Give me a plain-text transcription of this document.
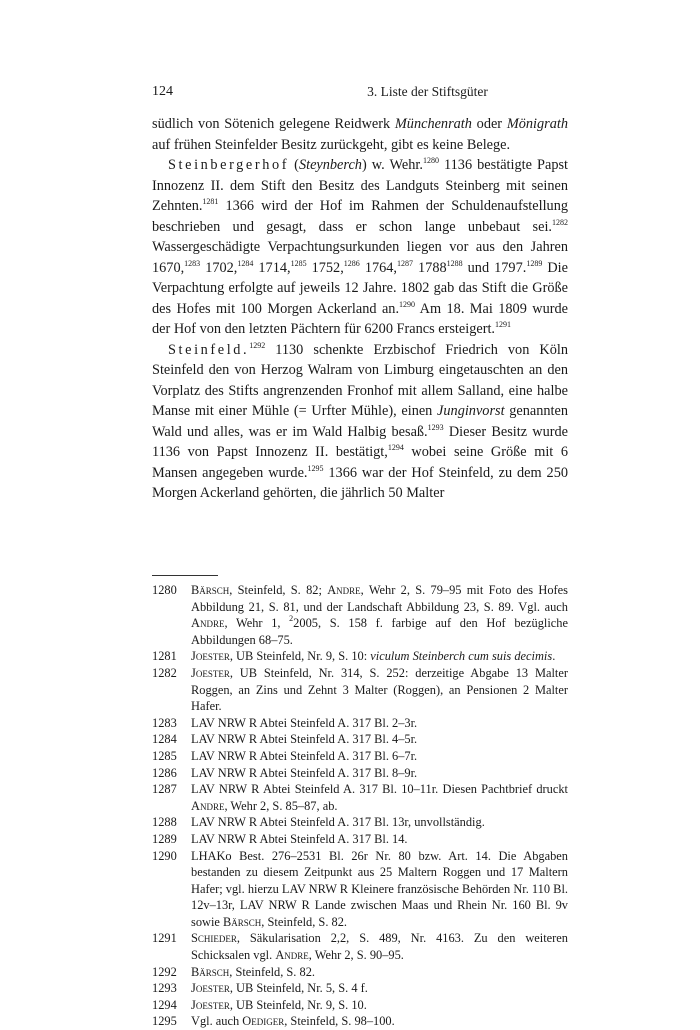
124	3. Liste der Stiftsgüter

südlich von Sötenich gelegene Reidwerk Münchenrath oder Mönigrath auf frühen Steinfelder Besitz zurückgeht, gibt es keine Belege.

Steinbergerhof (Steynberch) w. Wehr.$^{1280}$ 1136 bestätigte Papst Innozenz II. dem Stift den Besitz des Landguts Steinberg mit seinen Zehnten.$^{1281}$ 1366 wird der Hof im Rahmen der Schuldenaufstellung beschrieben und gesagt, dass er schon lange unbebaut sei.$^{1282}$ Wassergeschädigte Verpachtungsurkunden liegen vor aus den Jahren 1670,$^{1283}$ 1702,$^{1284}$ 1714,$^{1285}$ 1752,$^{1286}$ 1764,$^{1287}$ $1788^{1288}$ und 1797.$^{1289}$ Die Verpachtung erfolgte auf jeweils 12 Jahre. 1802 gab das Stift die Größe des Hofes mit 100 Morgen Ackerland an.$^{1290}$ Am 18. Mai 1809 wurde der Hof von den letzten Pächtern für 6200 Francs ersteigert.$^{1291}$

Steinfeld.$^{1292}$ 1130 schenkte Erzbischof Friedrich von Köln Steinfeld den von Herzog Walram von Limburg eingetauschten an den Vorplatz des Stifts angrenzenden Fronhof mit allem Salland, eine halbe Manse mit einer Mühle (= Urfter Mühle), einen Junginvorst genannten Wald und alles, was er im Wald Halbig besaß.$^{1293}$ Dieser Besitz wurde 1136 von Papst Innozenz II. bestätigt,$^{1294}$ wobei seine Größe mit 6 Mansen angegeben wurde.$^{1295}$ 1366 war der Hof Steinfeld, zu dem 250 Morgen Ackerland gehörten, die jährlich 50 Malter

1280	Bärsch, Steinfeld, S. 82; Andre, Wehr 2, S. 79–95 mit Foto des Hofes Abbildung 21, S. 81, und der Landschaft Abbildung 23, S. 89. Vgl. auch Andre, Wehr 1, $^2$2005, S. 158 f. farbige auf den Hof bezügliche Abbildungen 68–75.
1281	Joester, UB Steinfeld, Nr. 9, S. 10: viculum Steinberch cum suis decimis.
1282	Joester, UB Steinfeld, Nr. 314, S. 252: derzeitige Abgabe 13 Malter Roggen, an Zins und Zehnt 3 Malter (Roggen), an Pensionen 2 Malter Hafer.
1283	LAV NRW R Abtei Steinfeld A. 317 Bl. 2–3r.
1284	LAV NRW R Abtei Steinfeld A. 317 Bl. 4–5r.
1285	LAV NRW R Abtei Steinfeld A. 317 Bl. 6–7r.
1286	LAV NRW R Abtei Steinfeld A. 317 Bl. 8–9r.
1287	LAV NRW R Abtei Steinfeld A. 317 Bl. 10–11r. Diesen Pachtbrief druckt Andre, Wehr 2, S. 85–87, ab.
1288	LAV NRW R Abtei Steinfeld A. 317 Bl. 13r, unvollständig.
1289	LAV NRW R Abtei Steinfeld A. 317 Bl. 14.
1290	LHAKo Best. 276–2531 Bl. 26r Nr. 80 bzw. Art. 14. Die Abgaben bestanden zu diesem Zeitpunkt aus 25 Maltern Roggen und 17 Maltern Hafer; vgl. hierzu LAV NRW R Kleinere französische Behörden Nr. 110 Bl. 12v–13r, LAV NRW R Lande zwischen Maas und Rhein Nr. 160 Bl. 9v sowie Bärsch, Steinfeld, S. 82.
1291	Schieder, Säkularisation 2,2, S. 489, Nr. 4163. Zu den weiteren Schicksalen vgl. Andre, Wehr 2, S. 90–95.
1292	Bärsch, Steinfeld, S. 82.
1293	Joester, UB Steinfeld, Nr. 5, S. 4 f.
1294	Joester, UB Steinfeld, Nr. 9, S. 10.
1295	Vgl. auch Oediger, Steinfeld, S. 98–100.
